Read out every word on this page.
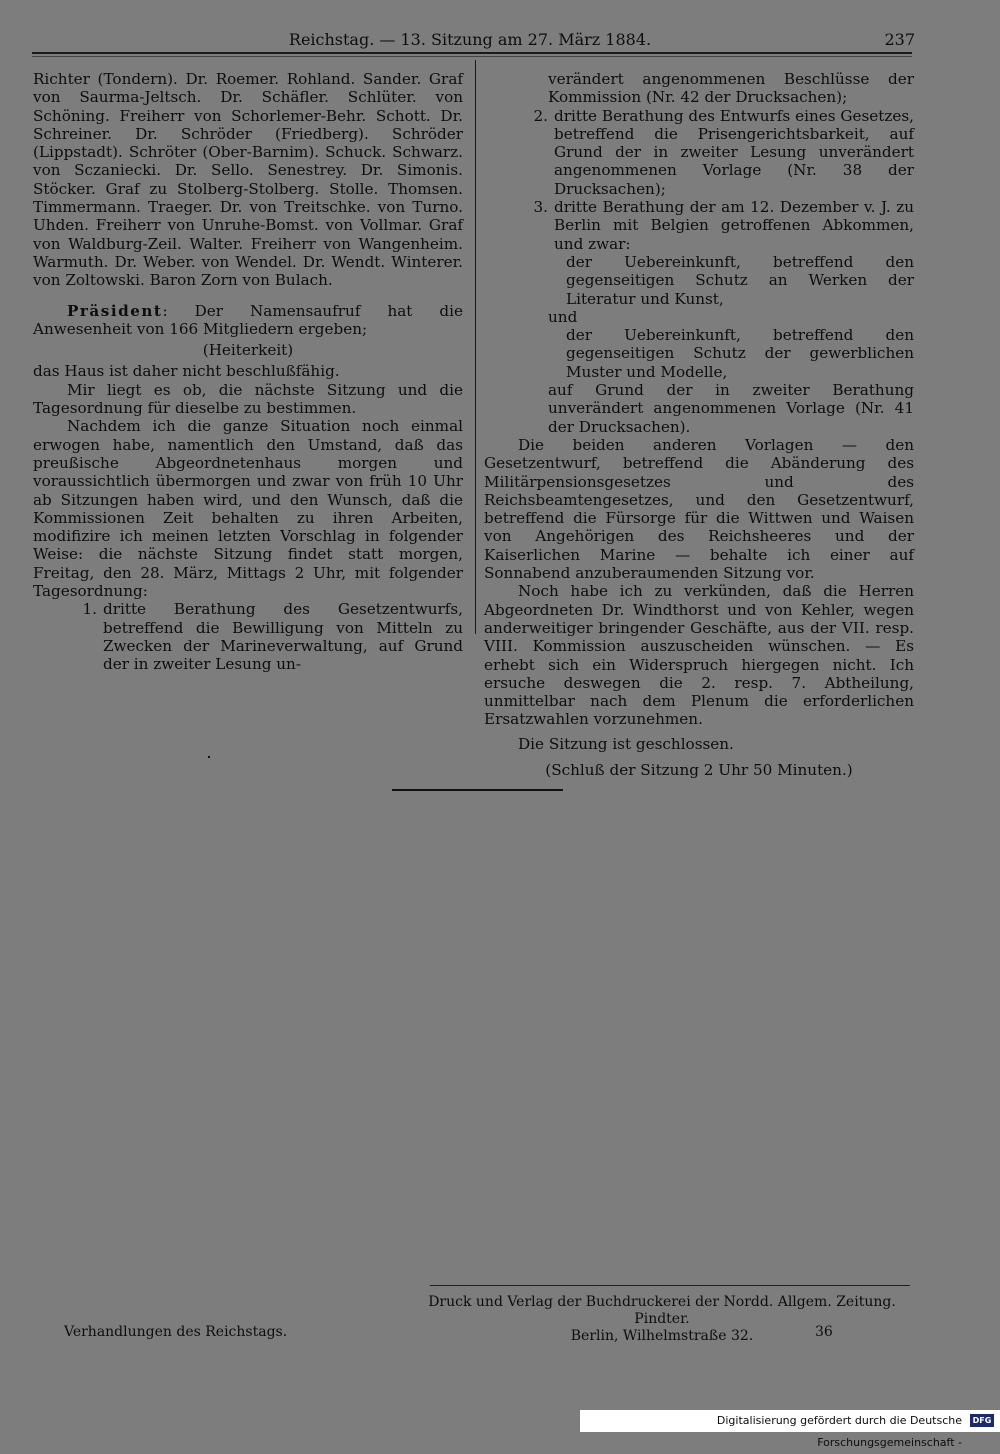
Reichstag. — 13. Sitzung am 27. März 1884.	237

Richter (Tondern). Dr. Roemer. Rohland. Sander. Graf von Saurma-Jeltsch. Dr. Schäfler. Schlüter. von Schöning. Freiherr von Schorlemer-Behr. Schott. Dr. Schreiner. Dr. Schröder (Friedberg). Schröder (Lippstadt). Schröter (Ober-Barnim). Schuck. Schwarz. von Sczaniecki. Dr. Sello. Senestrey. Dr. Simonis. Stöcker. Graf zu Stolberg-Stolberg. Stolle. Thomsen. Timmermann. Traeger. Dr. von Treitschke. von Turno. Uhden. Freiherr von Unruhe-Bomst. von Vollmar. Graf von Waldburg-Zeil. Walter. Freiherr von Wangenheim. Warmuth. Dr. Weber. von Wendel. Dr. Wendt. Winterer. von Zoltowski. Baron Zorn von Bulach.

Präsident: Der Namensaufruf hat die Anwesenheit von 166 Mitgliedern ergeben;

(Heiterkeit)

das Haus ist daher nicht beschlußfähig.

Mir liegt es ob, die nächste Sitzung und die Tagesordnung für dieselbe zu bestimmen.

Nachdem ich die ganze Situation noch einmal erwogen habe, namentlich den Umstand, daß das preußische Abgeordnetenhaus morgen und voraussichtlich übermorgen und zwar von früh 10 Uhr ab Sitzungen haben wird, und den Wunsch, daß die Kommissionen Zeit behalten zu ihren Arbeiten, modifizire ich meinen letzten Vorschlag in folgender Weise: die nächste Sitzung findet statt morgen, Freitag, den 28. März, Mittags 2 Uhr, mit folgender Tagesordnung:

1. dritte Berathung des Gesetzentwurfs, betreffend die Bewilligung von Mitteln zu Zwecken der Marineverwaltung, auf Grund der in zweiter Lesung un-

verändert angenommenen Beschlüsse der Kommission (Nr. 42 der Drucksachen);

2. dritte Berathung des Entwurfs eines Gesetzes, betreffend die Prisengerichtsbarkeit, auf Grund der in zweiter Lesung unverändert angenommenen Vorlage (Nr. 38 der Drucksachen);
3. dritte Berathung der am 12. Dezember v. J. zu Berlin mit Belgien getroffenen Abkommen, und zwar:

der Uebereinkunft, betreffend den gegenseitigen Schutz an Werken der Literatur und Kunst,

und

der Uebereinkunft, betreffend den gegenseitigen Schutz der gewerblichen Muster und Modelle,

auf Grund der in zweiter Berathung unverändert angenommenen Vorlage (Nr. 41 der Drucksachen).

Die beiden anderen Vorlagen — den Gesetzentwurf, betreffend die Abänderung des Militärpensionsgesetzes und des Reichsbeamtengesetzes, und den Gesetzentwurf, betreffend die Fürsorge für die Wittwen und Waisen von Angehörigen des Reichsheeres und der Kaiserlichen Marine — behalte ich einer auf Sonnabend anzuberaumenden Sitzung vor.

Noch habe ich zu verkünden, daß die Herren Abgeordneten Dr. Windthorst und von Kehler, wegen anderweitiger bringender Geschäfte, aus der VII. resp. VIII. Kommission auszuscheiden wünschen. — Es erhebt sich ein Widerspruch hiergegen nicht. Ich ersuche deswegen die 2. resp. 7. Abtheilung, unmittelbar nach dem Plenum die erforderlichen Ersatzwahlen vorzunehmen.

Die Sitzung ist geschlossen.

(Schluß der Sitzung 2 Uhr 50 Minuten.)

Druck und Verlag der Buchdruckerei der Nordd. Allgem. Zeitung. Pindter.
Berlin, Wilhelmstraße 32.
Verhandlungen des Reichstags.	36
Digitalisierung gefördert durch die Deutsche Forschungsgemeinschaft -
DFG
